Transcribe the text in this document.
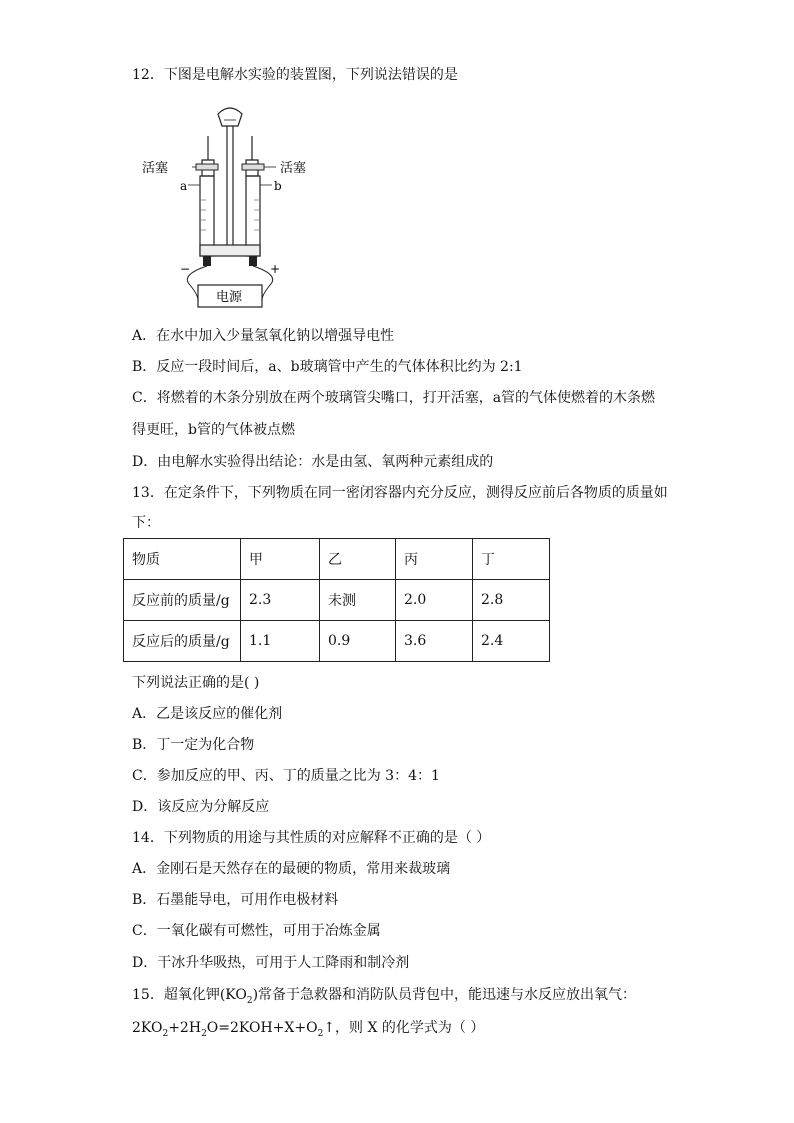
12．下图是电解水实验的装置图，下列说法错误的是
活塞	活塞
a	b
−	+
电源
A．在水中加入少量氢氧化钠以增强导电性
B．反应一段时间后，a、b玻璃管中产生的气体体积比约为 2:1
C．将燃着的木条分别放在两个玻璃管尖嘴口，打开活塞，a管的气体使燃着的木条燃
得更旺，b管的气体被点燃
D．由电解水实验得出结论：水是由氢、氧两种元素组成的
13．在定条件下，下列物质在同一密闭容器内充分反应，测得反应前后各物质的质量如
下：
物质	甲	乙	丙	丁
反应前的质量/g	2.3	未测	2.0	2.8
反应后的质量/g	1.1	0.9	3.6	2.4
下列说法正确的是( )
A．乙是该反应的催化剂
B．丁一定为化合物
C．参加反应的甲、丙、丁的质量之比为 3：4：1
D．该反应为分解反应
14．下列物质的用途与其性质的对应解释不正确的是（ ）
A．金刚石是天然存在的最硬的物质，常用来裁玻璃
B．石墨能导电，可用作电极材料
C．一氧化碳有可燃性，可用于冶炼金属
D．干冰升华吸热，可用于人工降雨和制冷剂
15．超氧化钾$(KO_2)$常备于急救器和消防队员背包中，能迅速与水反应放出氧气：
$2KO_2+2H_2O=2KOH+X+O_2↑$，则 X 的化学式为（ ）
